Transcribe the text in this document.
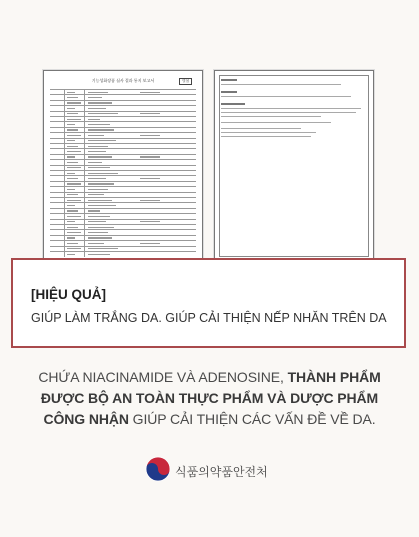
기능성화장품 심사 결과 통지 보고서	별첨
[HIỆU QUẢ]
GIÚP LÀM TRẮNG DA. GIÚP CẢI THIỆN NẾP NHĂN TRÊN DA
CHỨA NIACINAMIDE VÀ ADENOSINE, THÀNH PHẨM
ĐƯỢC BỘ AN TOÀN THỰC PHẨM VÀ DƯỢC PHẨM
CÔNG NHẬN GIÚP CẢI THIỆN CÁC VẤN ĐỀ VỀ DA.
식품의약품안전처
